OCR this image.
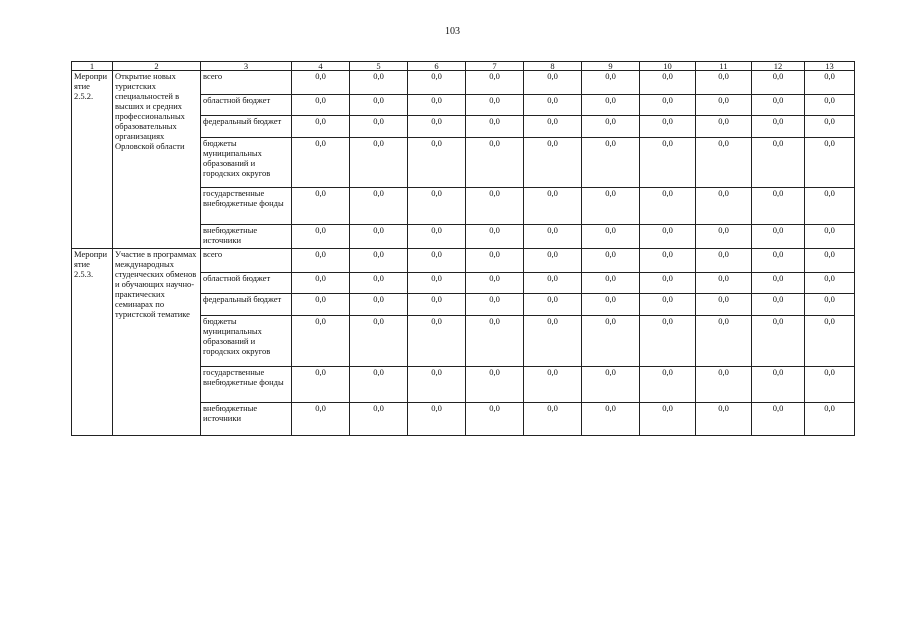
103
1	2	3	4	5	6	7	8	9	10	11	12	13
Мероприятие 2.5.2.	Открытие новых туристских специальностей в высших и средних профессиональных образовательных организациях Орловской области	всего	0,0	0,0	0,0	0,0	0,0	0,0	0,0	0,0	0,0	0,0
		областной бюджет	0,0	0,0	0,0	0,0	0,0	0,0	0,0	0,0	0,0	0,0
		федеральный бюджет	0,0	0,0	0,0	0,0	0,0	0,0	0,0	0,0	0,0	0,0
		бюджеты муниципальных образований и городских округов	0,0	0,0	0,0	0,0	0,0	0,0	0,0	0,0	0,0	0,0
		государственные внебюджетные фонды	0,0	0,0	0,0	0,0	0,0	0,0	0,0	0,0	0,0	0,0
		внебюджетные источники	0,0	0,0	0,0	0,0	0,0	0,0	0,0	0,0	0,0	0,0
Мероприятие 2.5.3.	Участие в программах международных студенческих обменов и обучающих научно-практических семинарах по туристской тематике	всего	0,0	0,0	0,0	0,0	0,0	0,0	0,0	0,0	0,0	0,0
		областной бюджет	0,0	0,0	0,0	0,0	0,0	0,0	0,0	0,0	0,0	0,0
		федеральный бюджет	0,0	0,0	0,0	0,0	0,0	0,0	0,0	0,0	0,0	0,0
		бюджеты муниципальных образований и городских округов	0,0	0,0	0,0	0,0	0,0	0,0	0,0	0,0	0,0	0,0
		государственные внебюджетные фонды	0,0	0,0	0,0	0,0	0,0	0,0	0,0	0,0	0,0	0,0
		внебюджетные источники	0,0	0,0	0,0	0,0	0,0	0,0	0,0	0,0	0,0	0,0
